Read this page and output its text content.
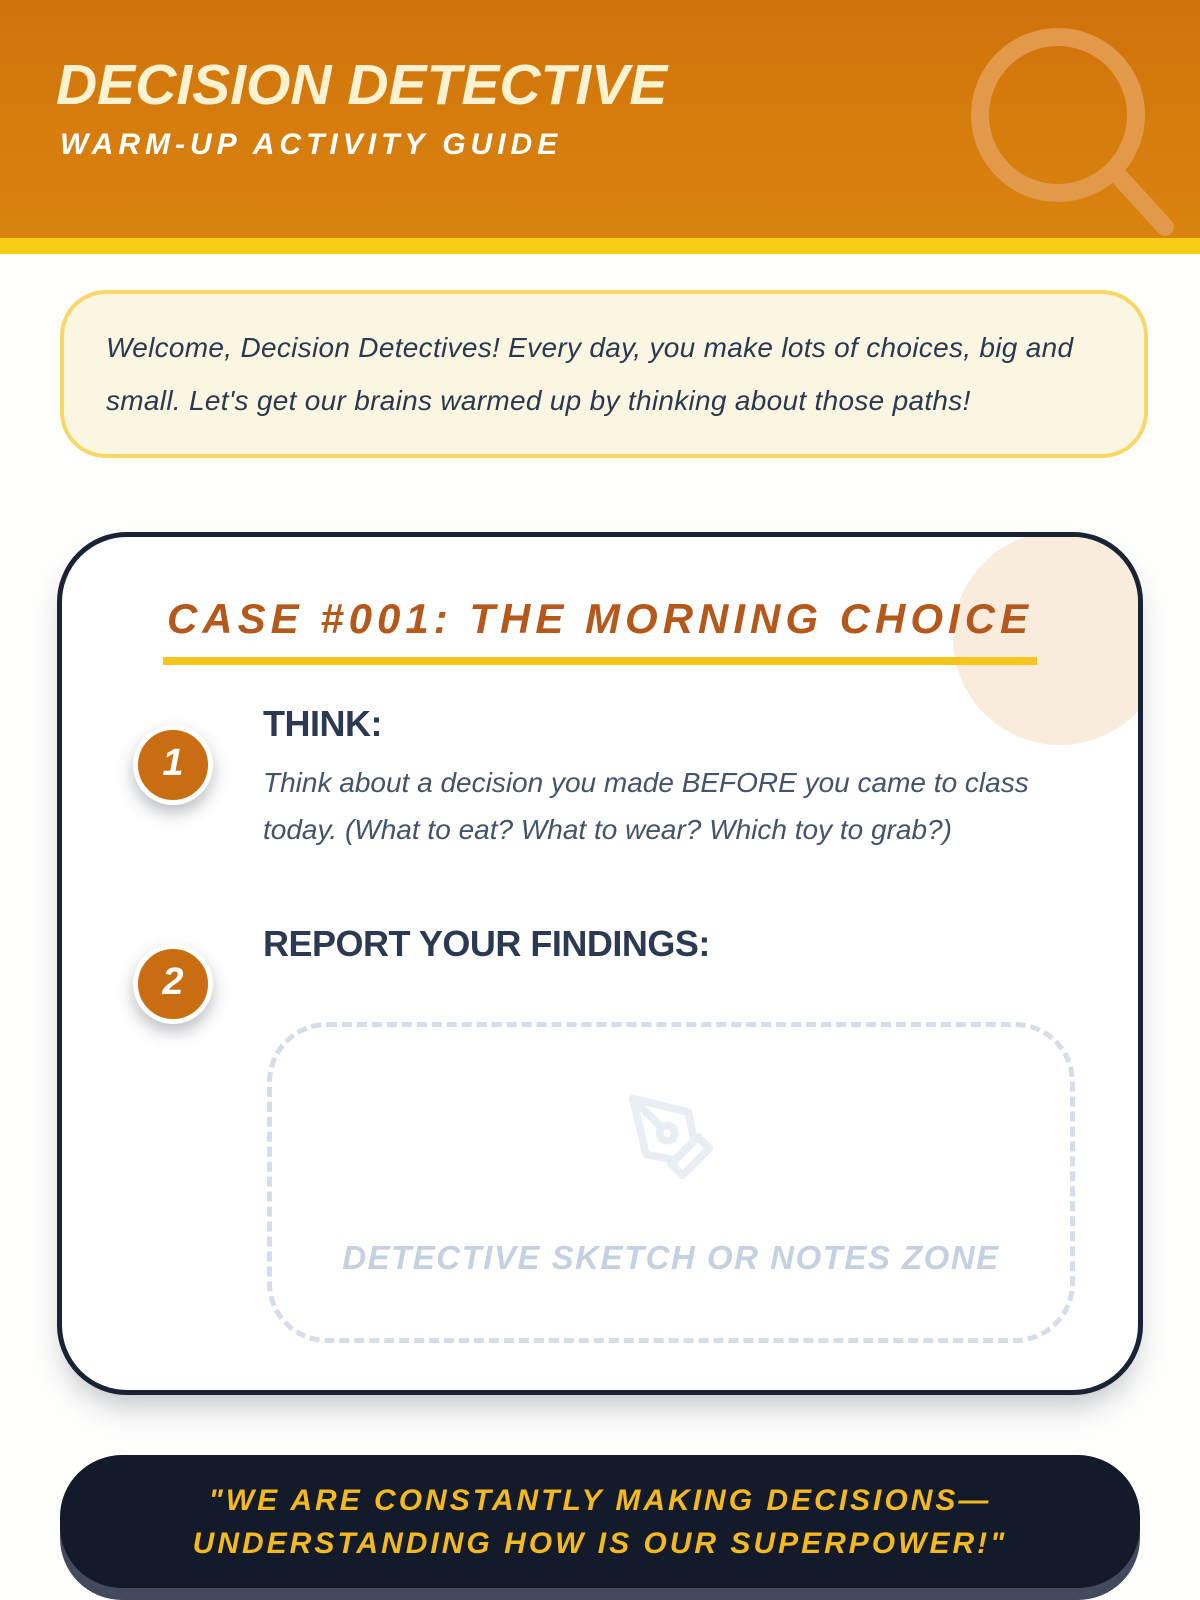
DECISION DETECTIVE
WARM-UP ACTIVITY GUIDE
Welcome, Decision Detectives! Every day, you make lots of choices, big and small. Let's get our brains warmed up by thinking about those paths!
CASE #001: THE MORNING CHOICE
1
THINK:
Think about a decision you made BEFORE you came to class today. (What to eat? What to wear? Which toy to grab?)
2
REPORT YOUR FINDINGS:
DETECTIVE SKETCH OR NOTES ZONE
"WE ARE CONSTANTLY MAKING DECISIONS—
UNDERSTANDING HOW IS OUR SUPERPOWER!"
